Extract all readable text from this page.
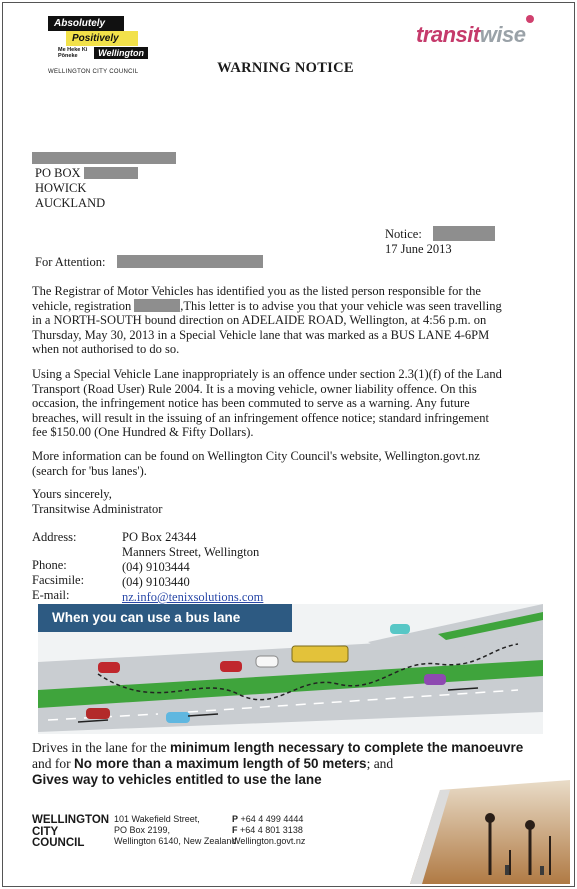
Absolutely
Positively
Me Heke Ki Pōneke	Wellington
WELLINGTON CITY COUNCIL
transitwise
WARNING NOTICE
PO BOX
HOWICK
AUCKLAND
Notice:
17 June 2013
For Attention:
The Registrar of Motor Vehicles has identified you as the listed person responsible for the
vehicle, registration	,This letter is to advise you that your vehicle was seen travelling
in a NORTH-SOUTH bound direction on ADELAIDE ROAD, Wellington, at 4:56 p.m. on
Thursday, May 30, 2013 in a Special Vehicle lane that was marked as a BUS LANE 4-6PM
when not authorised to do so.
Using a Special Vehicle Lane inappropriately is an offence under section 2.3(1)(f) of the Land
Transport (Road User) Rule 2004. It is a moving vehicle, owner liability offence. On this
occasion, the infringement notice has been commuted to serve as a warning. Any future
breaches, will result in the issuing of an infringement offence notice; standard infringement
fee $150.00 (One Hundred & Fifty Dollars).
More information can be found on Wellington City Council's website, Wellington.govt.nz
(search for 'bus lanes').
Yours sincerely,
Transitwise Administrator
Address:
Phone:
Facsimile:
E-mail:
PO Box 24344
Manners Street, Wellington
(04) 9103444
(04) 9103440
nz.info@tenixsolutions.com
When you can use a bus lane
Drives in the lane for the minimum length necessary to complete the manoeuvre and for No more than a maximum length of 50 meters; and
Gives way to vehicles entitled to use the lane
WELLINGTON
CITY
COUNCIL
101 Wakefield Street,
PO Box 2199,
Wellington 6140, New Zealand
P +64 4 499 4444
F +64 4 801 3138
Wellington.govt.nz
